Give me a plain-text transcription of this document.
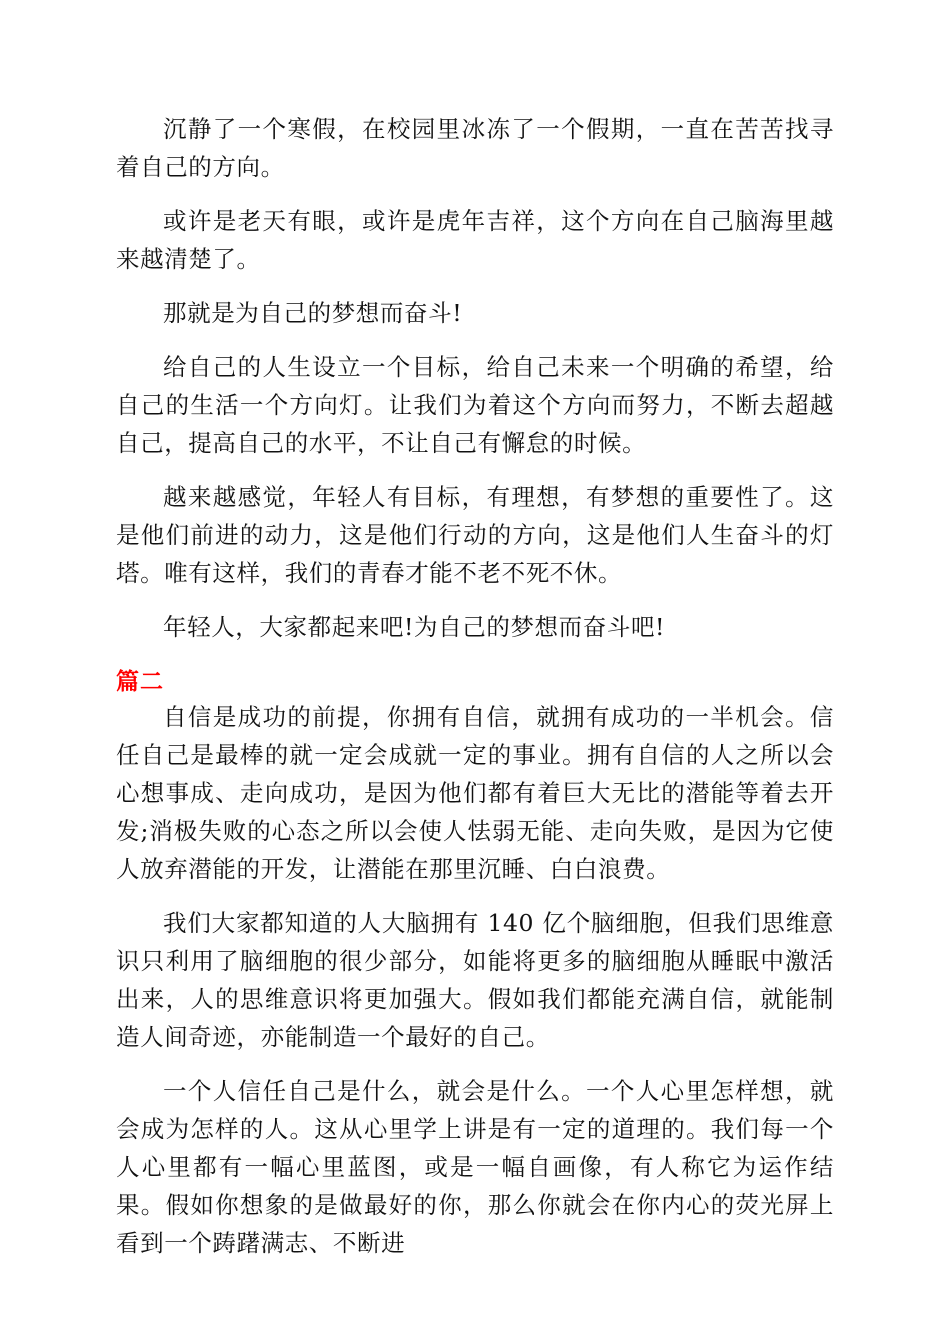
沉静了一个寒假，在校园里冰冻了一个假期，一直在苦苦找寻着自己的方向。

或许是老天有眼，或许是虎年吉祥，这个方向在自己脑海里越来越清楚了。

那就是为自己的梦想而奋斗!

给自己的人生设立一个目标，给自己未来一个明确的希望，给自己的生活一个方向灯。让我们为着这个方向而努力，不断去超越自己，提高自己的水平，不让自己有懈怠的时候。

越来越感觉，年轻人有目标，有理想，有梦想的重要性了。这是他们前进的动力，这是他们行动的方向，这是他们人生奋斗的灯塔。唯有这样，我们的青春才能不老不死不休。

年轻人，大家都起来吧!为自己的梦想而奋斗吧!

篇二

自信是成功的前提，你拥有自信，就拥有成功的一半机会。信任自己是最棒的就一定会成就一定的事业。拥有自信的人之所以会心想事成、走向成功，是因为他们都有着巨大无比的潜能等着去开发;消极失败的心态之所以会使人怯弱无能、走向失败，是因为它使人放弃潜能的开发，让潜能在那里沉睡、白白浪费。

我们大家都知道的人大脑拥有 140 亿个脑细胞，但我们思维意识只利用了脑细胞的很少部分，如能将更多的脑细胞从睡眠中激活出来，人的思维意识将更加强大。假如我们都能充满自信，就能制造人间奇迹，亦能制造一个最好的自己。

一个人信任自己是什么，就会是什么。一个人心里怎样想，就会成为怎样的人。这从心里学上讲是有一定的道理的。我们每一个人心里都有一幅心里蓝图，或是一幅自画像，有人称它为运作结果。假如你想象的是做最好的你，那么你就会在你内心的荧光屏上看到一个踌躇满志、不断进
